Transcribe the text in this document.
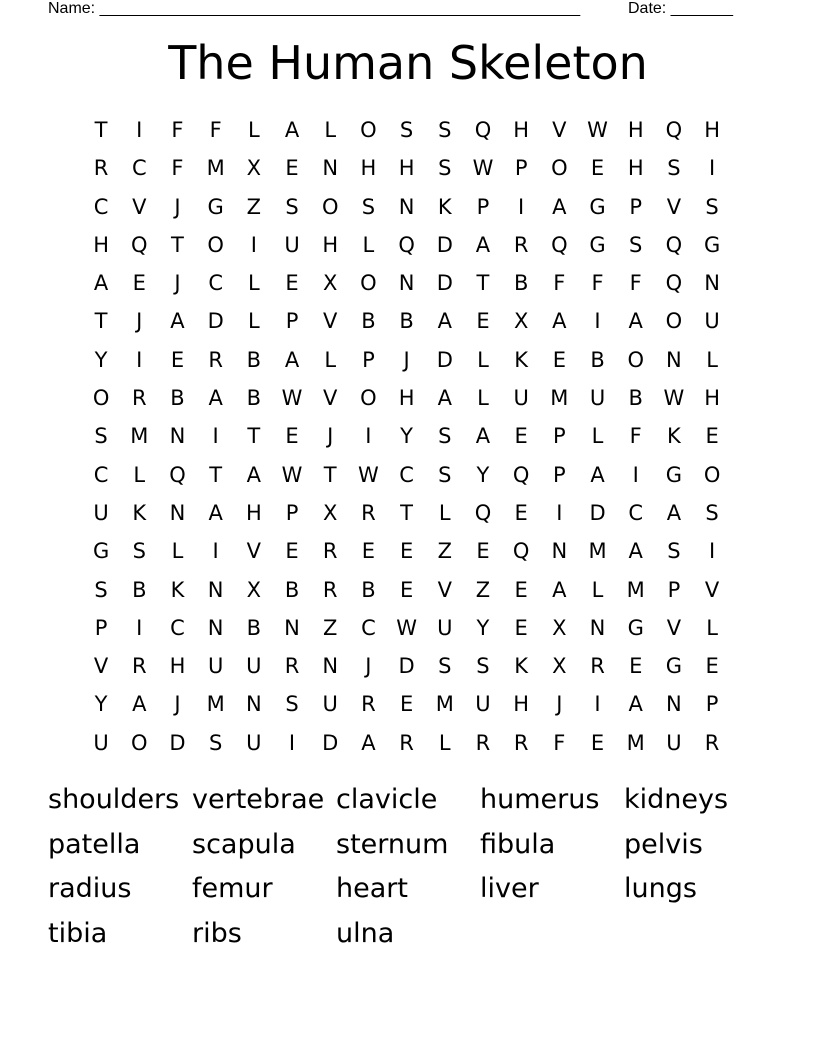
Name: ______________________________________________________	Date: _______
The Human Skeleton
T	I	F	F	L	A	L	O	S	S	Q	H	V W H	Q	H
R	C	F	M	X	E	N	H	H	S	W	P	O	E	H	S	I
C	V	J	G	Z	S	O	S	N	K	P	I	A	G	P	V	S
H	Q	T	O	I	U	H	L	Q	D	A	R	Q	G	S	Q	G
A	E	J	C	L	E	X	O	N	D	T	B	F	F	F	Q	N
T	J	A	D	L	P	V	B	B	A	E	X	A	I	A	O	U
Y	I	E	R	B	A	L	P	J	D	L	K	E	B	O	N	L
O	R	B	A	B W V	O	H	A	L	U	M	U	B W H
S	M	N	I	T	E	J	I	Y	S	A	E	P	L	F	K	E
C	L	Q	T	A W	T	W C	S	Y	Q	P	A	I	G	O
U	K	N	A	H	P	X	R	T	L	Q	E	I	D	C	A	S
G	S	L	I	V	E	R	E	E	Z	E	Q	N	M	A	S	I
S	B	K	N	X	B	R	B	E	V	Z	E	A	L	M	P	V
P	I	C	N	B	N	Z	C W U	Y	E	X	N	G	V	L
V	R	H	U	U	R	N	J	D	S	S	K	X	R	E	G	E
Y	A	J	M	N	S	U	R	E	M	U	H	J	I	A	N	P
U	O	D	S	U	I	D	A	R	L	R	R	F	E	M	U	R
shoulders vertebrae clavicle	humerus kidneys
patella	scapula	sternum	fibula	pelvis
radius	femur	heart	liver	lungs
tibia	ribs	ulna
